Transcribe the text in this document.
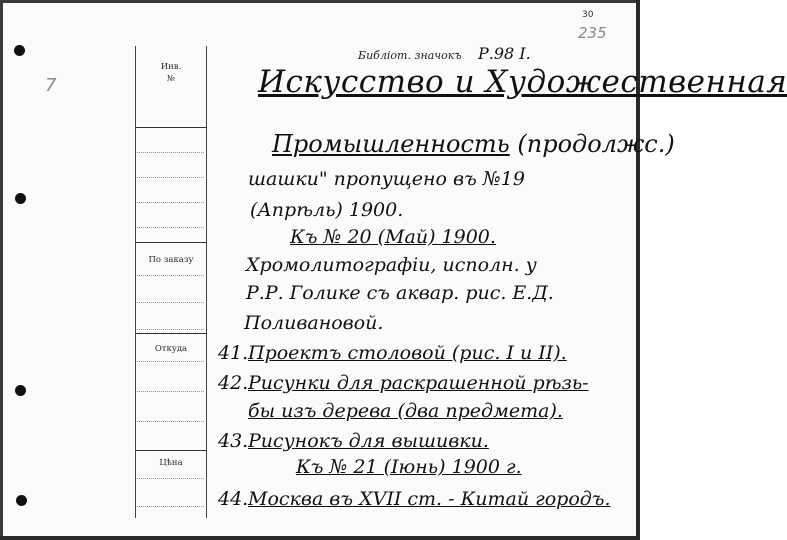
7
30
235
Инв.
№
По заказу
Откуда
Цѣна
Библіот. значокъ Р.98 I.
Искусство и Художественная
Промышленность (продолжс.)
шашки" пропущено въ №19
(Апрѣль) 1900.
Къ № 20 (Май) 1900.
Хромолитографіи, исполн. у
Р.Р. Голике съ аквар. рис. Е.Д.
Поливановой.
41.Проектъ столовой (рис. I и II).
42.Рисунки для раскрашенной рѣзь-
бы изъ дерева (два предмета).
43.Рисунокъ для вышивки.
Къ № 21 (Іюнь) 1900 г.
44.Москва въ XVII ст. - Китай городъ.
